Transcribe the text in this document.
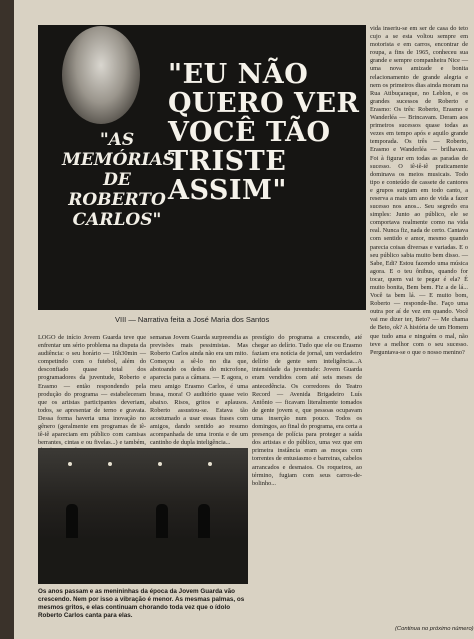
"AS MEMÓRIAS DE ROBERTO CARLOS"
"EU NÃO QUERO VER VOCÊ TÃO TRISTE ASSIM"
VIII — Narrativa feita a José Maria dos Santos
LOGO de início Jovem Guarda teve que enfrentar um sério problema na disputa da audiência: o seu horário — 16h30min — competindo com o futebol, além do desconfiado quase total dos programadores da juventude, Roberto e Erasmo — então respondendo pela produção do programa — estabeleceram que os artistas participantes deveriam, todos, se apresentar de terno e gravata. Dessa forma haveria uma inovação no gênero (geralmente em programas de iê-iê-iê apareciam em público com camisas berrantes, cintas e ou fivelas...) e também,
semanas Jovem Guarda surpreendia as previsões mais pessimistas. Mas Roberto Carlos ainda não era um mito. Começou a sê-lo no dia que, abotoando os dedos do microfone, aparecia para a câmara. — E agora, o meu amigo Erasmo Carlos, é uma brasa, mora! O auditório quase veio abaixo. Risos, gritos e aplausos. Roberto assustou-se. Estava tão acostumado a usar essas frases com amigos, dando sentido ao resumo acompanhada de uma ironia e de um cantinho de dupla inteligência...
prestígio do programa a crescendo, até chegar ao delírio. Tudo que ele ou Erasmo faziam era notícia de jornal, um verdadeiro delírio de gente sem inteligência...A intensidade da juventude: Jovem Guarda eram vendidos com até seis meses de antecedência. Os corredores do Teatro Record — Avenida Brigadeiro Luís Antônio — ficavam literalmente tomados de gente jovem e, que pessoas ocupavam uma inserção num pouco. Todos os domingos, ao final do programa, era certa a presença de polícia para proteger a saída dos artistas e do público, uma vez que em primeira instância eram as moças com torrentes de entusiasmo e barreiras, cabelos arrancados e desmaios. Os roqueiros, ao término, fugiam com seus carros-de-bolinho...
vida inseriu-se em ser de casa do teto cujo a se esta voltou sempre em motorista e em carros, encontrar de roupa, a fins de 1965, conheceu sua grande e sempre companheira Nice — uma nova amizade e bonita relacionamento de grande alegria e nem os primeiros dias ainda moram na Rua Atibuçaraque, no Leblon, e os grandes sucessos de Roberto e Erasmo: Os três: Roberto, Erasmo e Wanderléa — Brincavam. Deram aos primeiros sucessos quase todas as vezes em tempo após e aquilo grande temporada. Os três — Roberto, Erasmo e Wanderléa — brilhavam. Foi à figurar em todas as paradas de sucesso. O iê-iê-iê praticamente dominava os meios musicais. Todo tipo e conteúdo de cassete de cantores e grupos surgiam em todo canto, a reserva a mais um ano de vida a fazer sucesso nos anos... Seu segredo era simples: Junto ao público, ele se comportava realmente como na vida real. Nunca fiz, nada de certo. Cantava com sentido e amor, mesmo quando parecia coisas diversas e variadas. E o seu público sabia muito bem disso. — Sabe, Edi? Estou fazendo uma música agora. E o teu ônibus, quando for tocar, quem vai te pegar é ela? É muito bonita, Bem bem. Fiz a de lá... Você ta bem lá. — E muito bom, Roberto — responde-lhe. Faço uma outra por aí de vez em quando. Você vai me dizer ter, Beto? — Me chama de Beto, ok? A história de um Homem que tudo ama e ninguém o mal, não teve a melhor com o seu sucesso. Perguntava-se o que o nosso menino?
Os anos passam e as menininhas da época da Jovem Guarda vão crescendo. Nem por isso a vibração é menor. As mesmas palmas, os mesmos gritos, e elas continuam chorando toda vez que o ídolo Roberto Carlos canta para elas.
(Continua no próximo número)
